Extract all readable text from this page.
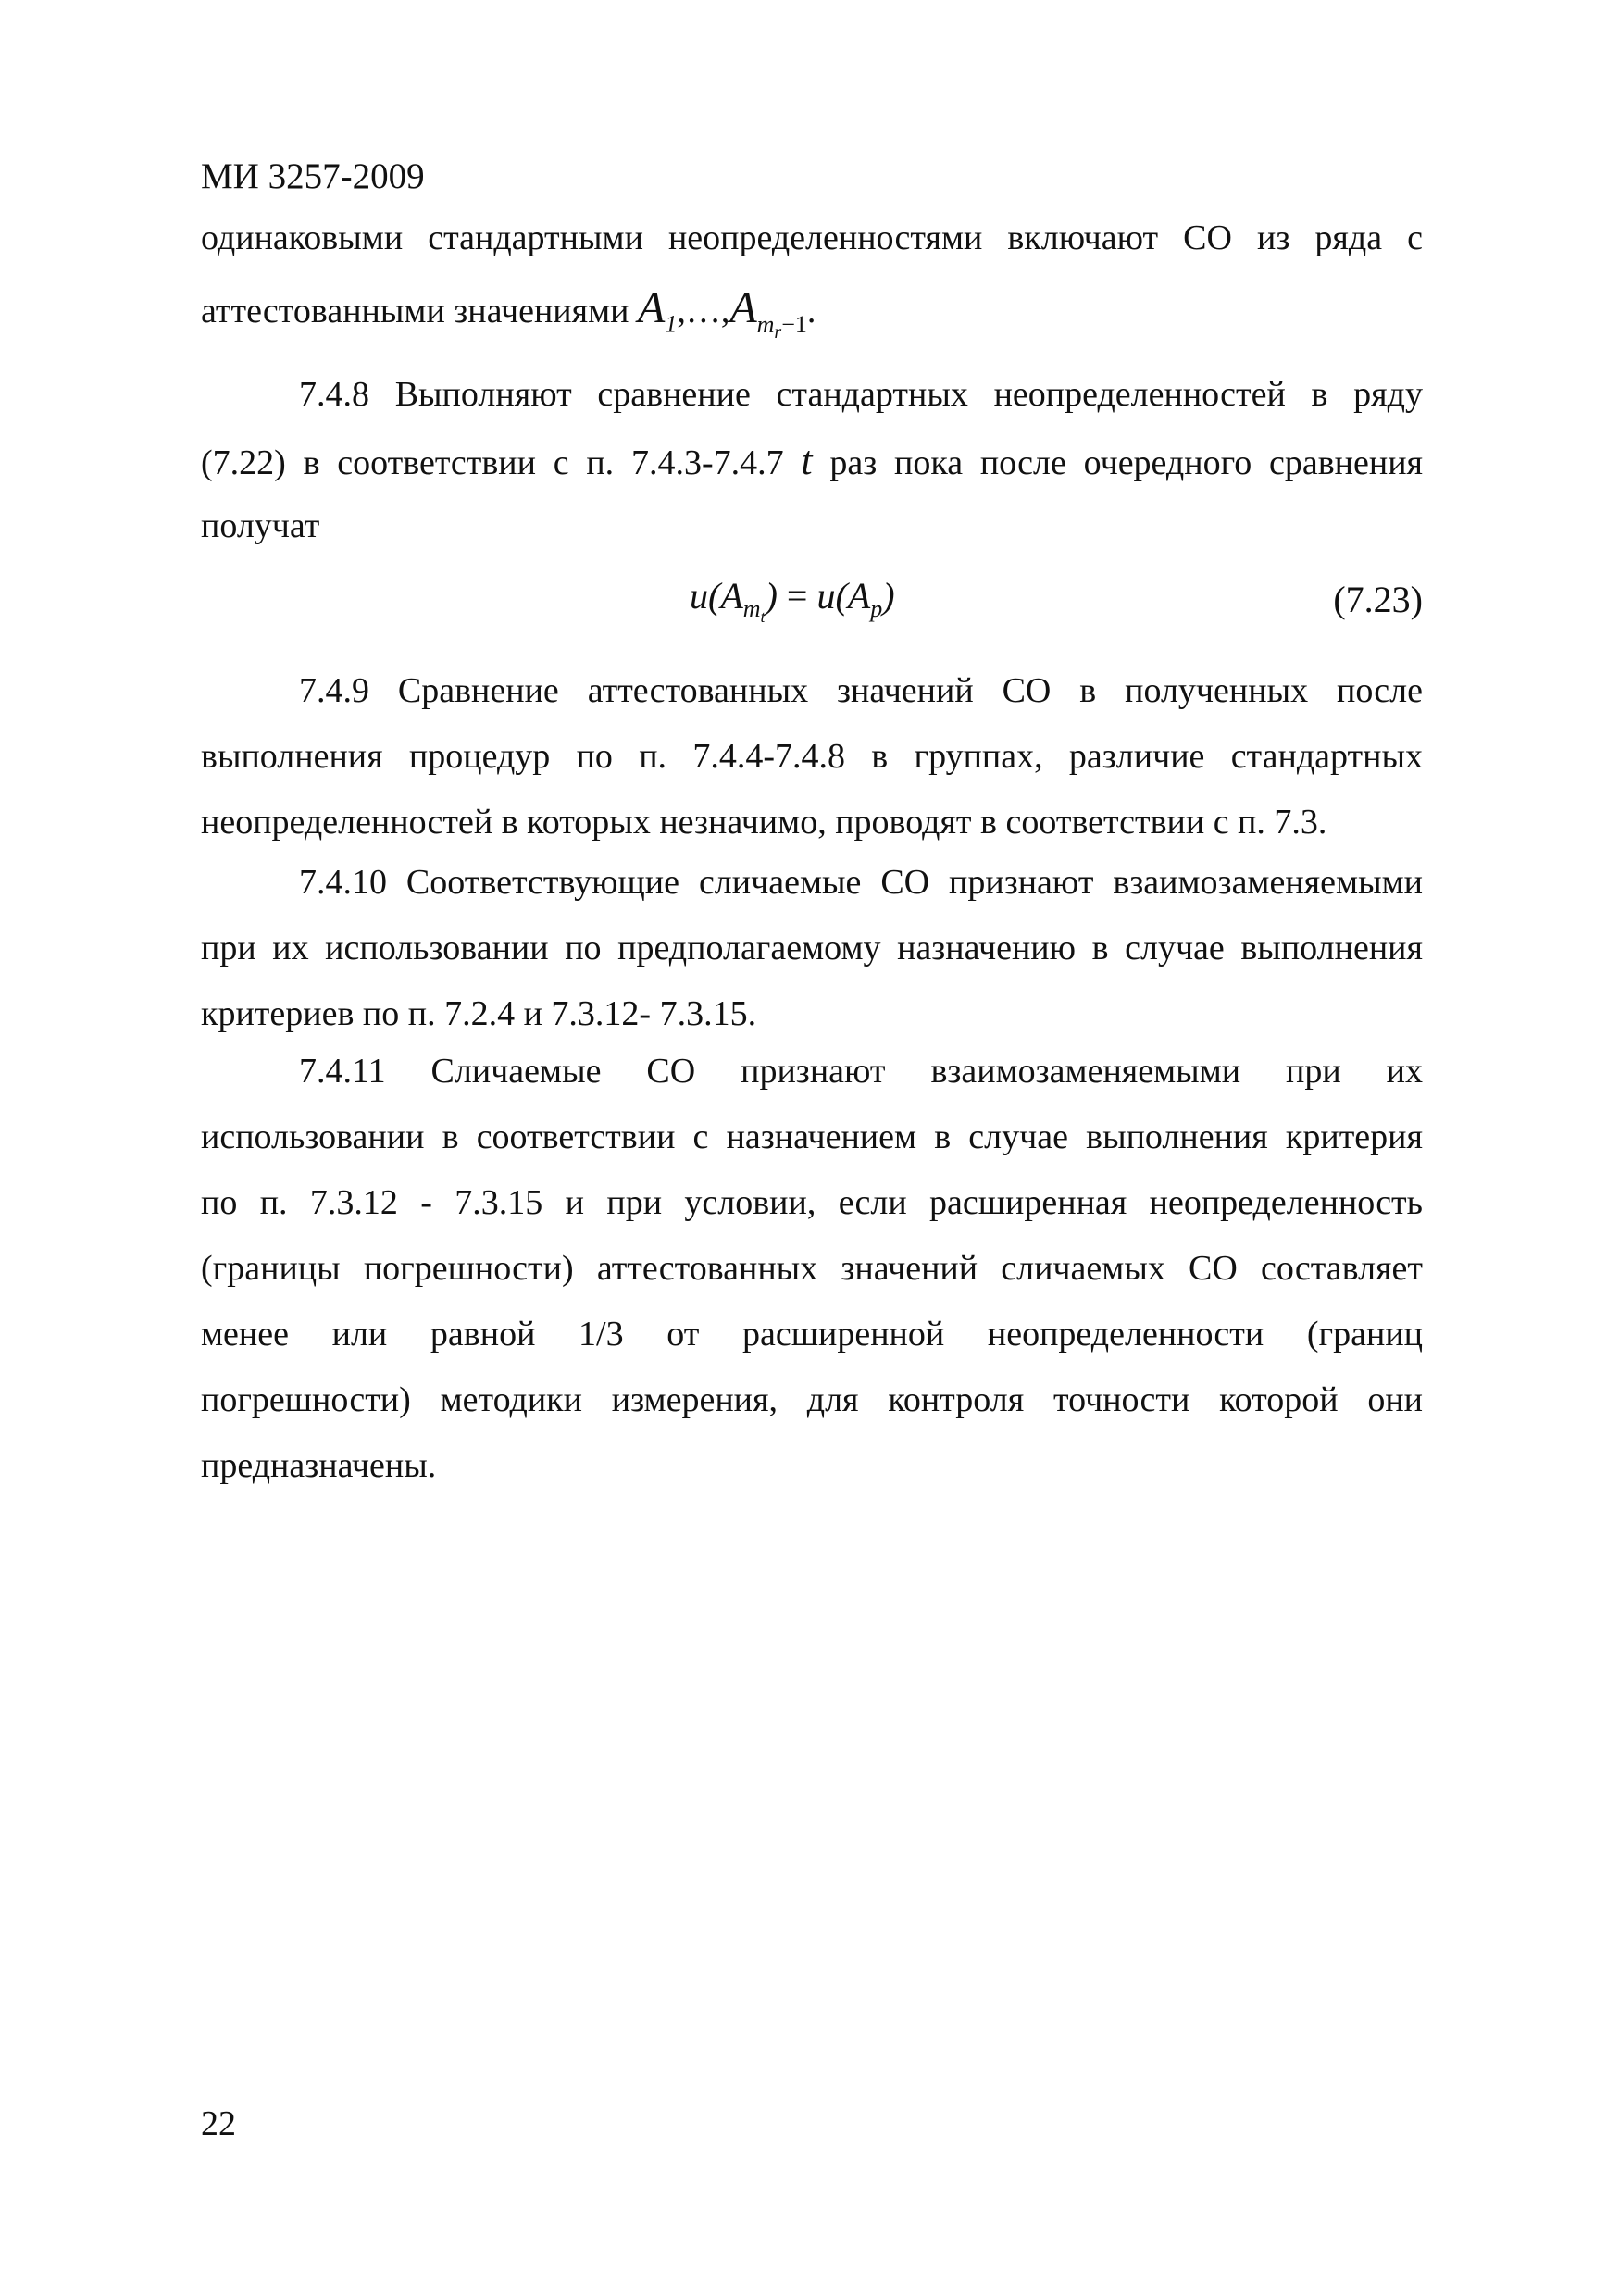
МИ 3257-2009
одинаковыми стандартными неопределенностями включают СО из ряда с
аттестованными значениями $A_1,\dots,A_{m_r-1}$.
7.4.8 Выполняют сравнение стандартных неопределенностей в ряду
(7.22) в соответствии с п. 7.4.3-7.4.7 t раз пока после очередного сравнения
получат
$u(A_{m_t}) = u(A_p)$	(7.23)
7.4.9 Сравнение аттестованных значений СО в полученных после
выполнения процедур по п. 7.4.4-7.4.8 в группах, различие стандартных
неопределенностей в которых незначимо, проводят в соответствии с п. 7.3.
7.4.10 Соответствующие сличаемые СО признают взаимозаменяемыми
при их использовании по предполагаемому назначению в случае выполнения
критериев по п. 7.2.4 и 7.3.12- 7.3.15.
7.4.11 Сличаемые СО признают взаимозаменяемыми при их
использовании в соответствии с назначением в случае выполнения критерия
по п. 7.3.12 - 7.3.15 и при условии, если расширенная неопределенность
(границы погрешности) аттестованных значений сличаемых СО составляет
менее или равной 1/3 от расширенной неопределенности (границ
погрешности) методики измерения, для контроля точности которой они
предназначены.
22
